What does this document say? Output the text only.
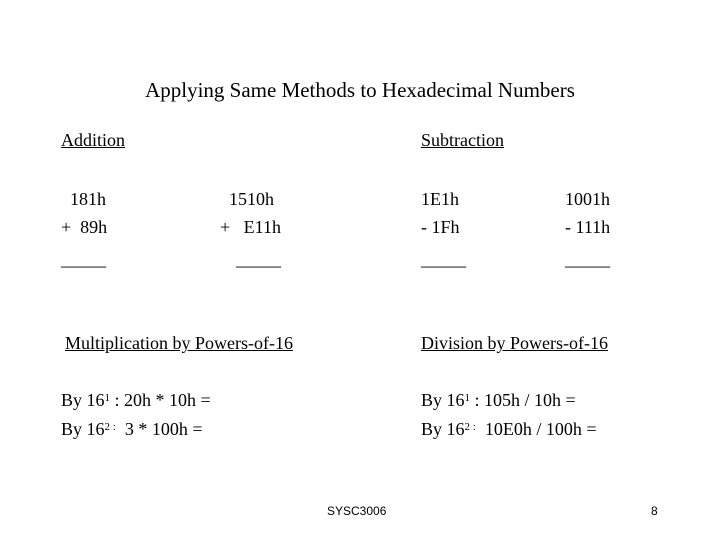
Applying Same Methods to Hexadecimal Numbers
Addition
181h
+  89h
_____
1510h
+   E11h
_____
Subtraction
1E1h
- 1Fh
_____
1001h
- 111h
_____
Multiplication by Powers-of-16
By $16^1$ : 20h * 10h =
By $16^{2 :}$  3 * 100h =
Division by Powers-of-16
By $16^1$ : 105h / 10h =
By $16^{2 :}$  10E0h / 100h =
SYSC3006	8
